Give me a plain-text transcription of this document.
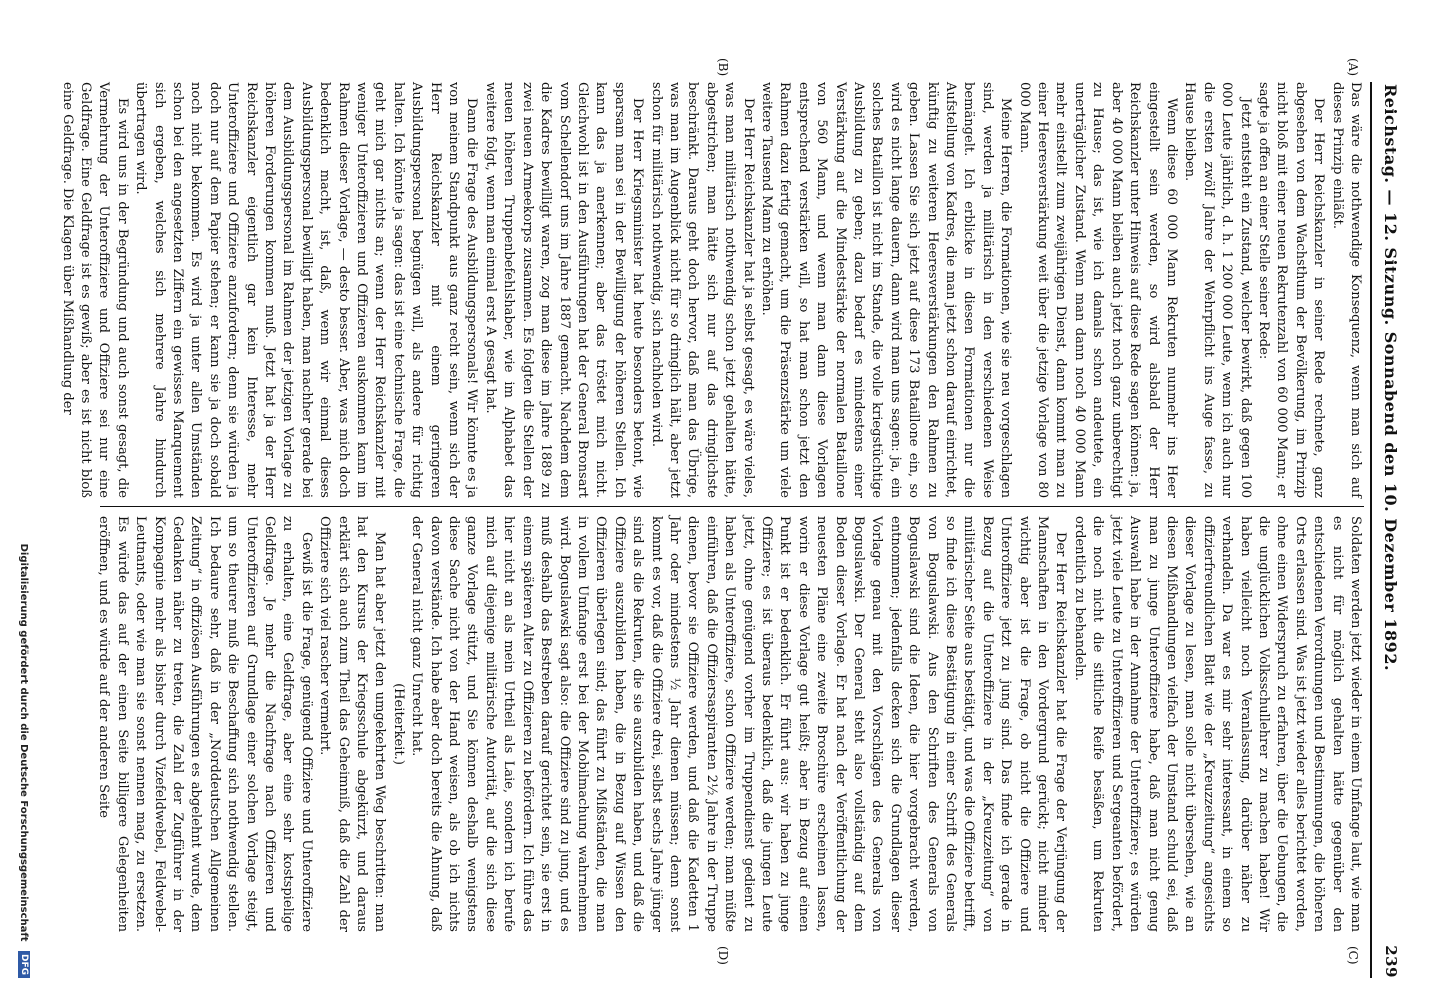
Reichstag. — 12. Sitzung. Sonnabend den 10. Dezember 1892.
239
(A)
(B)
(C)
(D)

Das wäre die nothwendige Konsequenz, wenn man sich auf dieses Prinzip einläßt.

Der Herr Reichskanzler in seiner Rede rechnete, ganz abgesehen von dem Wachsthum der Bevölkerung, im Prinzip nicht bloß mit einer neuen Rekrutenzahl von 60 000 Mann; er sagte ja offen an einer Stelle seiner Rede:

Jetzt entsteht ein Zustand, welcher bewirkt, daß gegen 100 000 Leute jährlich, d. h. 1 200 000 Leute, wenn ich auch nur die ersten zwölf Jahre der Wehrpflicht ins Auge fasse, zu Hause bleiben.

Wenn diese 60 000 Mann Rekruten nunmehr ins Heer eingestellt sein werden, so wird alsbald der Herr Reichskanzler unter Hinweis auf diese Rede sagen können: ja, aber 40 000 Mann bleiben auch jetzt noch ganz unberechtigt zu Hause; das ist, wie ich damals schon andeutete, ein unerträglicher Zustand. Wenn man dann noch 40 000 Mann mehr einstellt zum zweijährigen Dienst, dann kommt man zu einer Heeresverstärkung weit über die jetzige Vorlage von 80 000 Mann.

Meine Herren, die Formationen, wie sie neu vorgeschlagen sind, werden ja militärisch in den verschiedenen Weise bemängelt. Ich erblicke in diesen Formationen nur die Aufstellung von Kadres, die man jetzt schon darauf einrichtet, künftig zu weiteren Heeresverstärkungen den Rahmen zu geben. Lassen Sie sich jetzt auf diese 173 Bataillone ein, so wird es nicht lange dauern, dann wird man uns sagen: ja, ein solches Bataillon ist nicht im Stande, die volle kriegstüchtige Ausbildung zu geben; dazu bedarf es mindestens einer Verstärkung auf die Mindeststärke der normalen Bataillone von 560 Mann, und wenn man dann diese Vorlagen entsprechend verstärken will, so hat man schon jetzt den Rahmen dazu fertig gemacht, um die Präsenzstärke um viele weitere Tausend Mann zu erhöhen.

Der Herr Reichskanzler hat ja selbst gesagt, es wäre vieles, was man militärisch nothwendig schon jetzt gehalten hätte, abgestrichen; man hätte sich nur auf das dringlichste beschränkt. Daraus geht doch hervor, daß man das Übrige, was man im Augenblick nicht für so dringlich hält, aber jetzt schon für militärisch nothwendig, sich nachholen wird.

Der Herr Kriegsminister hat heute besonders betont, wie sparsam man sei in der Bewilligung der höheren Stellen. Ich kann das ja anerkennen; aber das tröstet mich nicht. Gleichwohl ist in den Ausführungen hat der General Bronsart vom Schellendorf uns im Jahre 1887 gemacht. Nachdem dem die Kadres bewilligt waren, zog man diese im Jahre 1889 zu zwei neuen Armeekorps zusammen. Es folgten die Stellen der neuen höheren Truppenbefehlshaber, wie im Alphabet das weitere folgt, wenn man einmal erst A gesagt hat.

Dann die Frage des Ausbildungspersonals! Wir könnte es ja von meinem Standpunkt aus ganz recht sein, wenn sich der Herr Reichskanzler mit einem geringeren Ausbildungspersonal begnügen will, als andere für richtig halten. Ich könnte ja sagen: das ist eine technische Frage, die geht mich gar nichts an; wenn der Herr Reichskanzler mit weniger Unteroffizieren und Offizieren auskommen kann im Rahmen dieser Vorlage, — desto besser. Aber, was mich doch bedenklich macht, ist, daß, wenn wir einmal dieses Ausbildungspersonal bewilligt haben, man nachher gerade bei dem Ausbildungspersonal im Rahmen der jetzigen Vorlage zu höheren Forderungen kommen muß. Jetzt hat ja der Herr Reichskanzler eigentlich gar kein Interesse, mehr Unteroffiziere und Offiziere anzufordern; denn sie würden ja doch nur auf dem Papier stehen; er kann sie ja doch sobald noch nicht bekommen. Es wird ja unter allen Umständen schon bei den angesetzten Ziffern ein gewisses Manquement sich ergeben, welches sich mehrere Jahre hindurch übertragen wird.

Es wird uns in der Begründung und auch sonst gesagt, die Vermehrung der Unteroffiziere und Offiziere sei nur eine Geldfrage. Eine Geldfrage ist es gewiß; aber es ist nicht bloß eine Geldfrage. Die Klagen über Mißhandlung der

Soldaten werden jetzt wieder in einem Umfange laut, wie man es nicht für möglich gehalten hätte gegenüber den entschiedenen Verordnungen und Bestimmungen, die höheren Orts erlassen sind. Was ist jetzt wieder alles berichtet worden, ohne einen Widerspruch zu erfahren, über die Uebungen, die die unglücklichen Volksschullehrer zu machen haben! Wir haben vielleicht noch Veranlassung, darüber näher zu verhandeln. Da war es mir sehr interessant, in einem so offizierfreundlichen Blatt wie der „Kreuzzeitung“ angesichts dieser Vorlage zu lesen, man solle nicht übersehen, wie an diesen Mißhandlungen vielfach der Umstand schuld sei, daß man zu junge Unteroffiziere habe, daß man nicht genug Auswahl habe in der Annahme der Unteroffiziere; es würden jetzt viele Leute zu Unteroffizieren und Sergeanten befördert, die noch nicht die sittliche Reife besäßen, um Rekruten ordentlich zu behandeln.

Der Herr Reichskanzler hat die Frage der Verjüngung der Mannschaften in den Vordergrund gerückt; nicht minder wichtig aber ist die Frage, ob nicht die Offiziere und Unteroffiziere jetzt zu jung sind. Das finde ich gerade in Bezug auf die Unteroffiziere in der „Kreuzzeitung“ von militärischer Seite aus bestätigt, und was die Offiziere betrifft, so finde ich diese Bestätigung in einer Schrift des Generals von Boguslawski. Aus den Schriften des Generals von Boguslawski sind die Ideen, die hier vorgebracht werden, entnommen; jedenfalls decken sich die Grundlagen dieser Vorlage genau mit den Vorschlägen des Generals von Boguslawski. Der General steht also vollständig auf dem Boden dieser Vorlage. Er hat nach der Veröffentlichung der neuesten Pläne eine zweite Broschüre erscheinen lassen, worin er diese Vorlage gut heißt; aber in Bezug auf einen Punkt ist er bedenklich. Er führt aus: wir haben zu junge Offiziere; es ist überaus bedenklich, daß die jungen Leute jetzt, ohne genügend vorher im Truppendienst gedient zu haben als Unteroffiziere, schon Offiziere werden; man müßte einführen, daß die Offiziersaspiranten 2½ Jahre in der Truppe dienen, bevor sie Offiziere werden, und daß die Kadetten 1 Jahr oder mindestens ½ Jahr dienen müssen; denn sonst kommt es vor, daß die Offiziere drei, selbst sechs Jahre jünger sind als die Rekruten, die sie auszubilden haben, und daß die Offiziere auszubilden haben, die in Bezug auf Wissen den Offizieren überlegen sind; das führt zu Mißständen, die man in vollem Umfange erst bei der Mobilmachung wahrnehmen wird. Boguslawski sagt also: die Offiziere sind zu jung, und es muß deshalb das Bestreben darauf gerichtet sein, sie erst in einem späteren Alter zu Offizieren zu befördern. Ich führe das hier nicht an als mein Urtheil als Laie, sondern ich berufe mich auf diejenige militärische Autorität, auf die sich diese ganze Vorlage stützt, und Sie können deshalb wenigstens diese Sache nicht von der Hand weisen, als ob ich nichts davon verstände. Ich habe aber doch bereits die Ahnung, daß der General nicht ganz Unrecht hat.

(Heiterkeit.)

Man hat aber jetzt den umgekehrten Weg beschritten: man hat den Kursus der Kriegsschule abgekürzt, und daraus erklärt sich auch zum Theil das Geheimniß, daß die Zahl der Offiziere sich viel rascher vermehrt.

Gewiß ist die Frage, genügend Offiziere und Unteroffiziere zu erhalten, eine Geldfrage, aber eine sehr kostspielige Geldfrage. Je mehr die Nachfrage nach Offizieren und Unteroffizieren auf Grundlage einer solchen Vorlage steigt, um so theurer muß die Beschaffung sich nothwendig stellen. Ich bedaure sehr, daß in der „Norddeutschen Allgemeinen Zeitung“ in offiziösen Ausführungen es abgelehnt wurde, dem Gedanken näher zu treten, die Zahl der Zugführer in der Kompagnie mehr als bisher durch Vizefeldwebel, Feldwebel-Leutnants, oder wie man sie sonst nennen mag, zu ersetzen. Es würde das auf der einen Seite billigere Gelegenheiten eröffnen, und es würde auf der anderen Seite

Digitalisierung gefördert durch die Deutsche Forschungsgemeinschaft DFG
